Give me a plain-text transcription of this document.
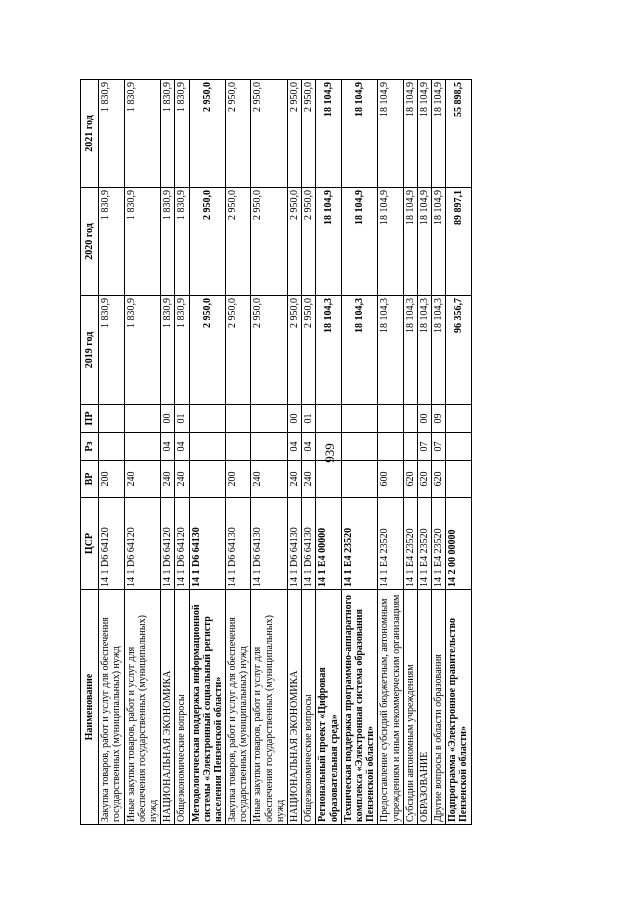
939
Наименование	ЦСР	ВР	Рз	ПР	2019 год	2020 год	2021 год
Закупка товаров, работ и услуг для обеспечения государственных (муниципальных) нужд	14 1 D6 64120	200			1 830,9	1 830,9	1 830,9
Иные закупки товаров, работ и услуг для обеспечения государственных (муниципальных) нужд	14 1 D6 64120	240			1 830,9	1 830,9	1 830,9
НАЦИОНАЛЬНАЯ ЭКОНОМИКА	14 1 D6 64120	240	04	00	1 830,9	1 830,9	1 830,9
Общеэкономические вопросы	14 1 D6 64120	240	04	01	1 830,9	1 830,9	1 830,9
Методологическая поддержка информационной системы «Электронный социальный регистр населения Пензенской области»	14 1 D6 64130				2 950,0	2 950,0	2 950,0
Закупка товаров, работ и услуг для обеспечения государственных (муниципальных) нужд	14 1 D6 64130	200			2 950,0	2 950,0	2 950,0
Иные закупки товаров, работ и услуг для обеспечения государственных (муниципальных) нужд	14 1 D6 64130	240			2 950,0	2 950,0	2 950,0
НАЦИОНАЛЬНАЯ ЭКОНОМИКА	14 1 D6 64130	240	04	00	2 950,0	2 950,0	2 950,0
Общеэкономические вопросы	14 1 D6 64130	240	04	01	2 950,0	2 950,0	2 950,0
Региональный проект «Цифровая образовательная среда»	14 1 E4 00000				18 104,3	18 104,9	18 104,9
Техническая поддержка программно-аппаратного комплекса «Электронная система образования Пензенской области»	14 1 E4 23520				18 104,3	18 104,9	18 104,9
Предоставление субсидий бюджетным, автономным учреждениям и иным некоммерческим организациям	14 1 E4 23520	600			18 104,3	18 104,9	18 104,9
Субсидии автономным учреждениям	14 1 E4 23520	620			18 104,3	18 104,9	18 104,9
ОБРАЗОВАНИЕ	14 1 E4 23520	620	07	00	18 104,3	18 104,9	18 104,9
Другие вопросы в области образования	14 1 E4 23520	620	07	09	18 104,3	18 104,9	18 104,9
Подпрограмма «Электронное правительство Пензенской области»	14 2 00 00000				96 356,7	89 897,1	55 898,5
